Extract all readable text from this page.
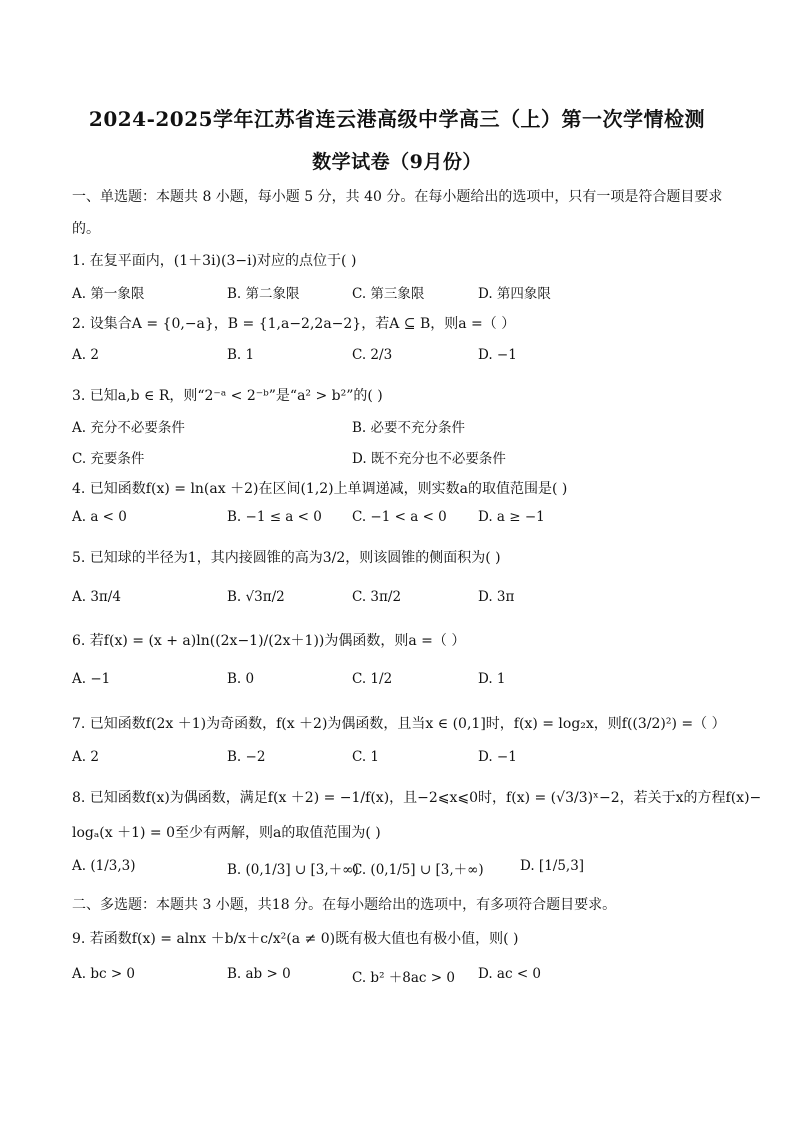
2024-2025学年江苏省连云港高级中学高三（上）第一次学情检测
数学试卷（9月份）
一、单选题：本题共 8 小题，每小题 5 分，共 40 分。在每小题给出的选项中，只有一项是符合题目要求
的。
1. 在复平面内，(1＋3i)(3−i)对应的点位于( )
A. 第一象限	B. 第二象限	C. 第三象限	D. 第四象限
2. 设集合A = {0,−a}，B = {1,a−2,2a−2}，若A ⊆ B，则a =（ ）
A. 2	B. 1	C. 2/3	D. −1
3. 已知a,b ∈ R，则“2⁻ᵃ < 2⁻ᵇ”是“a² > b²”的( )
A. 充分不必要条件	B. 必要不充分条件
C. 充要条件	D. 既不充分也不必要条件
4. 已知函数f(x) = ln(ax ＋2)在区间(1,2)上单调递减，则实数a的取值范围是( )
A. a < 0	B. −1 ≤ a < 0 C. −1 < a < 0 D. a ≥ −1
5. 已知球的半径为1，其内接圆锥的高为3/2，则该圆锥的侧面积为( )
A. 3π/4	B. √3π/2	C. 3π/2	D. 3π
6. 若f(x) = (x + a)ln((2x−1)/(2x＋1))为偶函数，则a =（ ）
A. −1	B. 0	C. 1/2	D. 1
7. 已知函数f(2x ＋1)为奇函数，f(x ＋2)为偶函数，且当x ∈ (0,1]时，f(x) = log₂x，则f((3/2)²) =（ ）
A. 2	B. −2	C. 1	D. −1
8. 已知函数f(x)为偶函数，满足f(x ＋2) = −1/f(x)，且−2⩽x⩽0时，f(x) = (√3/3)ˣ−2，若关于x的方程f(x)−
logₐ(x ＋1) = 0至少有两解，则a的取值范围为( )
A. (1/3,3)	B. (0,1/3] ∪ [3,＋∞)
C. (0,1/5] ∪ [3,＋∞)	D. [1/5,3]
二、多选题：本题共 3 小题，共18 分。在每小题给出的选项中，有多项符合题目要求。
9. 若函数f(x) = alnx ＋b/x＋c/x²(a ≠ 0)既有极大值也有极小值，则( )
A. bc > 0	B. ab > 0	C. b² ＋8ac > 0 D. ac < 0
